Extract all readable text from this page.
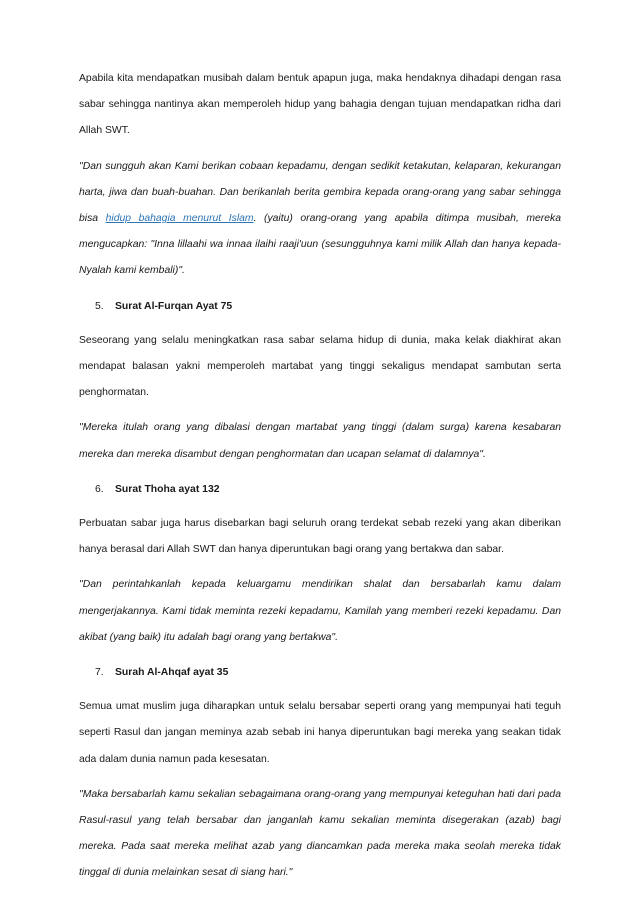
Apabila kita mendapatkan musibah dalam bentuk apapun juga, maka hendaknya dihadapi dengan rasa sabar sehingga nantinya akan memperoleh hidup yang bahagia dengan tujuan mendapatkan ridha dari Allah SWT.

"Dan sungguh akan Kami berikan cobaan kepadamu, dengan sedikit ketakutan, kelaparan, kekurangan harta, jiwa dan buah-buahan. Dan berikanlah berita gembira kepada orang-orang yang sabar sehingga bisa hidup bahagia menurut Islam. (yaitu) orang-orang yang apabila ditimpa musibah, mereka mengucapkan: "Inna lillaahi wa innaa ilaihi raaji'uun (sesungguhnya kami milik Allah dan hanya kepada-Nyalah kami kembali)".

5.	Surat Al-Furqan Ayat 75

Seseorang yang selalu meningkatkan rasa sabar selama hidup di dunia, maka kelak diakhirat akan mendapat balasan yakni memperoleh martabat yang tinggi sekaligus mendapat sambutan serta penghormatan.

"Mereka itulah orang yang dibalasi dengan martabat yang tinggi (dalam surga) karena kesabaran mereka dan mereka disambut dengan penghormatan dan ucapan selamat di dalamnya".

6.	Surat Thoha ayat 132

Perbuatan sabar juga harus disebarkan bagi seluruh orang terdekat sebab rezeki yang akan diberikan hanya berasal dari Allah SWT dan hanya diperuntukan bagi orang yang bertakwa dan sabar.

"Dan perintahkanlah kepada keluargamu mendirikan shalat dan bersabarlah kamu dalam mengerjakannya. Kami tidak meminta rezeki kepadamu, Kamilah yang memberi rezeki kepadamu. Dan akibat (yang baik) itu adalah bagi orang yang bertakwa".

7.	Surah Al-Ahqaf ayat 35

Semua umat muslim juga diharapkan untuk selalu bersabar seperti orang yang mempunyai hati teguh seperti Rasul dan jangan meminya azab sebab ini hanya diperuntukan bagi mereka yang seakan tidak ada dalam dunia namun pada kesesatan.

"Maka bersabarlah kamu sekalian sebagaimana orang-orang yang mempunyai keteguhan hati dari pada Rasul-rasul yang telah bersabar dan janganlah kamu sekalian meminta disegerakan (azab) bagi mereka. Pada saat mereka melihat azab yang diancamkan pada mereka maka seolah mereka tidak tinggal di dunia melainkan sesat di siang hari."
